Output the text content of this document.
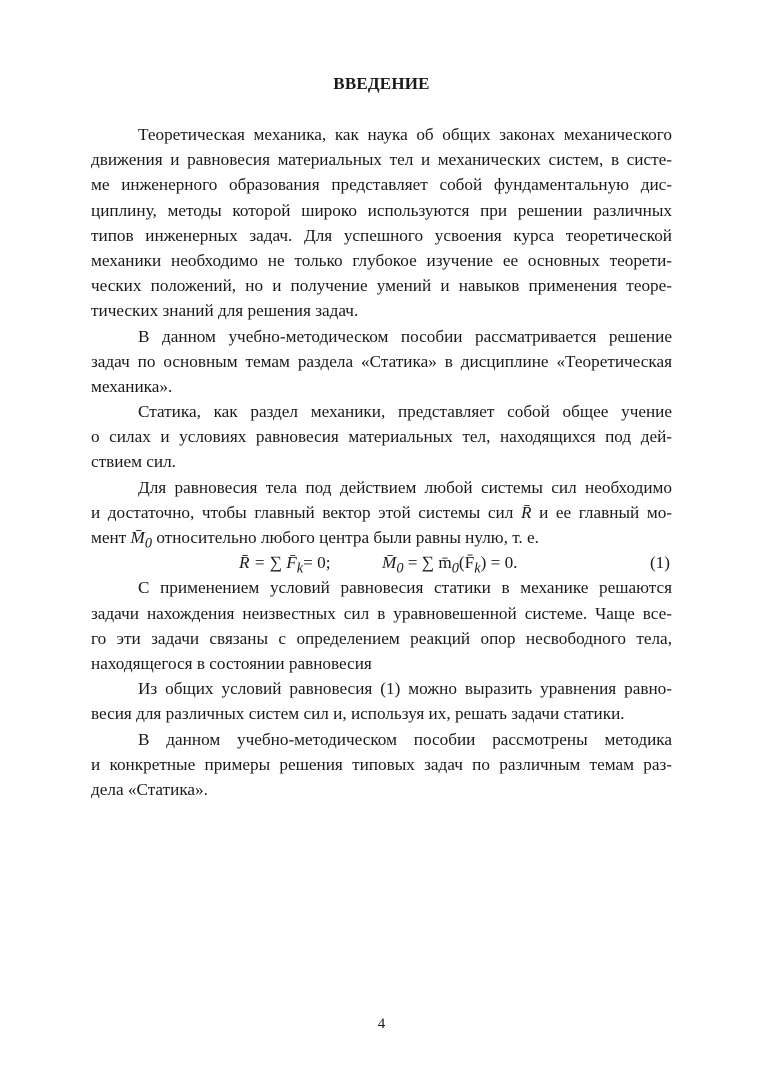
ВВЕДЕНИЕ
Теоретическая механика, как наука об общих законах механического
движения и равновесия материальных тел и механических систем, в систе-
ме инженерного образования представляет собой фундаментальную дис-
циплину, методы которой широко используются при решении различных
типов инженерных задач. Для успешного усвоения курса теоретической
механики необходимо не только глубокое изучение ее основных теорети-
ческих положений, но и получение умений и навыков применения теоре-
тических знаний для решения задач.
В данном учебно-методическом пособии рассматривается решение
задач по основным темам раздела «Статика» в дисциплине «Теоретическая
механика».
Статика, как раздел механики, представляет собой общее учение
о силах и условиях равновесия материальных тел, находящихся под дей-
ствием сил.
Для равновесия тела под действием любой системы сил необходимо
и достаточно, чтобы главный вектор этой системы сил R̄ и ее главный мо-
мент $M̄_0$ относительно любого центра были равны нулю, т. е.
R̄ = ∑ $F̄_k= 0$;	$M̄_0$ = ∑ $m̄_0(F̄_k) = 0$.	(1)
С применением условий равновесия статики в механике решаются
задачи нахождения неизвестных сил в уравновешенной системе. Чаще все-
го эти задачи связаны с определением реакций опор несвободного тела,
находящегося в состоянии равновесия
Из общих условий равновесия (1) можно выразить уравнения равно-
весия для различных систем сил и, используя их, решать задачи статики.
В данном учебно-методическом пособии рассмотрены методика
и конкретные примеры решения типовых задач по различным темам раз-
дела «Статика».
4
